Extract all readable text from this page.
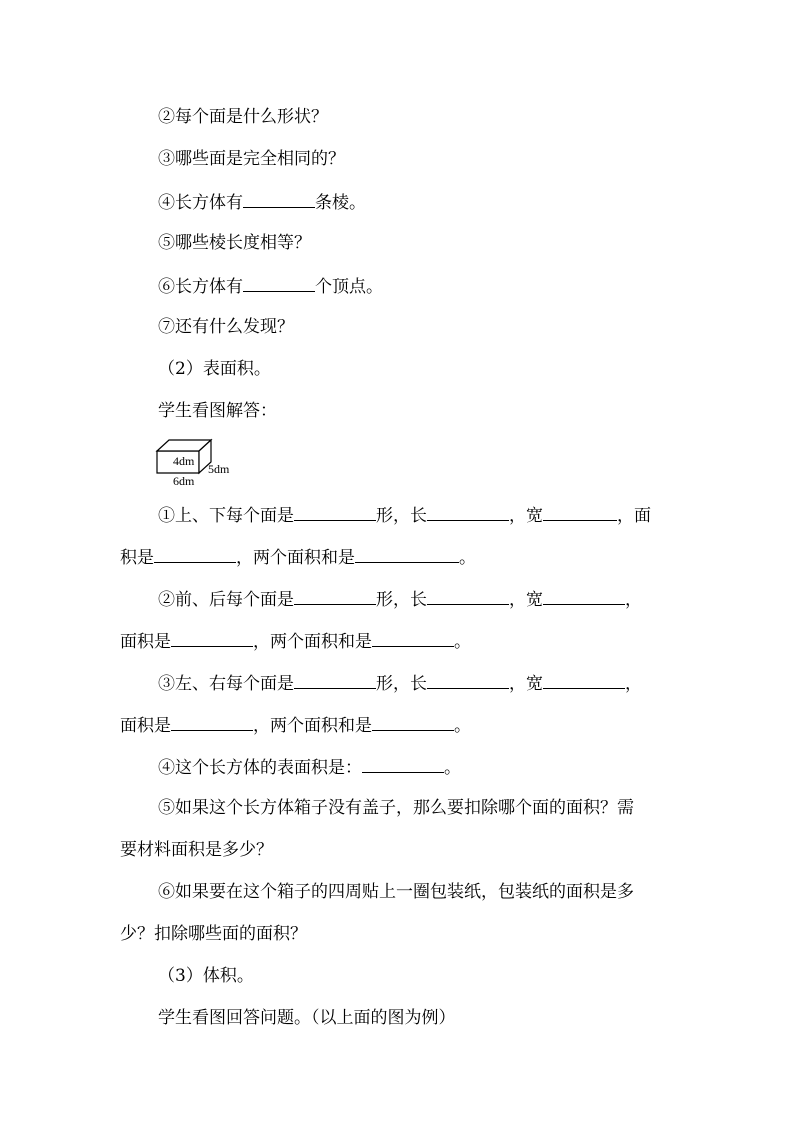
②每个面是什么形状？
③哪些面是完全相同的？
④长方体有	条棱。
⑤哪些棱长度相等？
⑥长方体有	个顶点。
⑦还有什么发现？
（2）表面积。
学生看图解答：
4dm
5dm
6dm
①上、下每个面是	形，长	，宽	，面
积是	，两个面积和是	。
②前、后每个面是	形，长	，宽	，
面积是	，两个面积和是	。
③左、右每个面是	形，长	，宽	，
面积是	，两个面积和是	。
④这个长方体的表面积是：	。
⑤如果这个长方体箱子没有盖子，那么要扣除哪个面的面积？需
要材料面积是多少？
⑥如果要在这个箱子的四周贴上一圈包装纸，包装纸的面积是多
少？扣除哪些面的面积？
（3）体积。
学生看图回答问题。（以上面的图为例）
